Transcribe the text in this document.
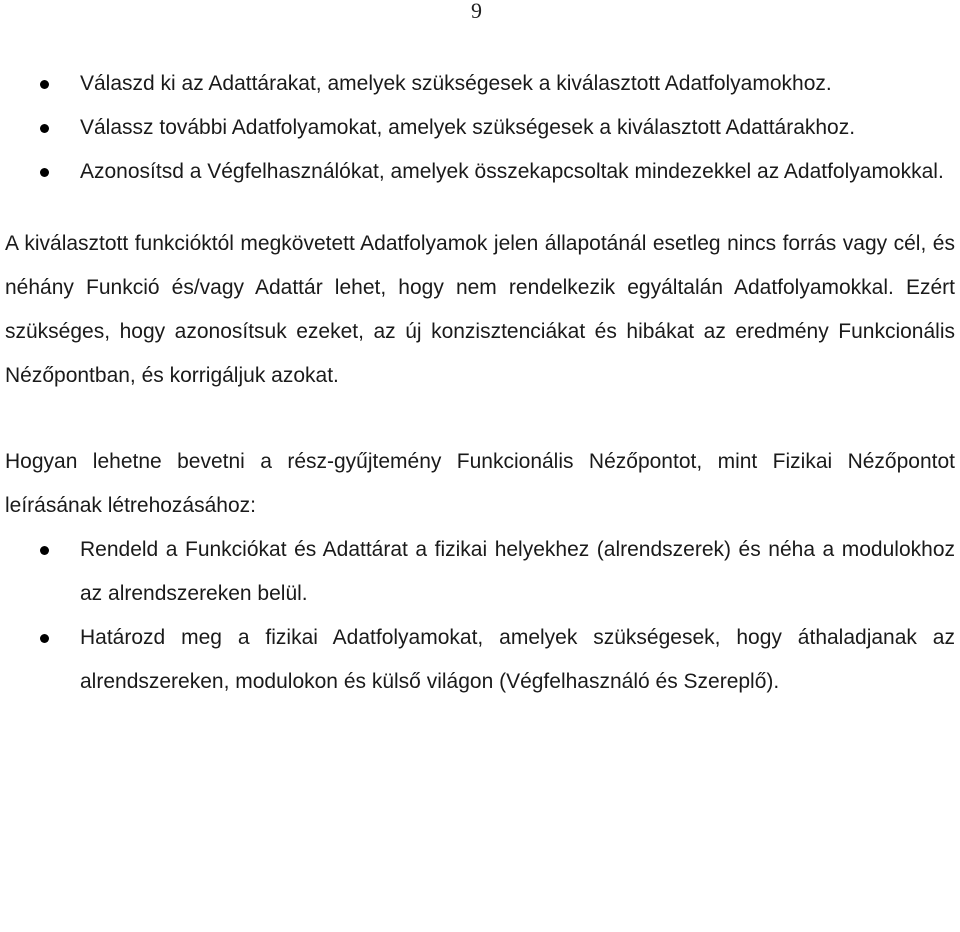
9
Válaszd ki az Adattárakat, amelyek szükségesek a kiválasztott Adatfolyamokhoz.
Válassz további Adatfolyamokat, amelyek szükségesek a kiválasztott Adattárakhoz.
Azonosítsd a Végfelhasználókat, amelyek összekapcsoltak mindezekkel az Adatfolyamokkal.

A kiválasztott funkcióktól megkövetett Adatfolyamok jelen állapotánál esetleg nincs forrás vagy cél, és néhány Funkció és/vagy Adattár lehet, hogy nem rendelkezik egyáltalán Adatfolyamokkal. Ezért szükséges, hogy azonosítsuk ezeket, az új konzisztenciákat és hibákat az eredmény Funkcionális Nézőpontban, és korrigáljuk azokat.

Hogyan lehetne bevetni a rész-gyűjtemény Funkcionális Nézőpontot, mint Fizikai Nézőpontot leírásának létrehozásához:

Rendeld a Funkciókat és Adattárat a fizikai helyekhez (alrendszerek) és néha a modulokhoz az alrendszereken belül.
Határozd meg a fizikai Adatfolyamokat, amelyek szükségesek, hogy áthaladjanak az alrendszereken, modulokon és külső világon (Végfelhasználó és Szereplő).
